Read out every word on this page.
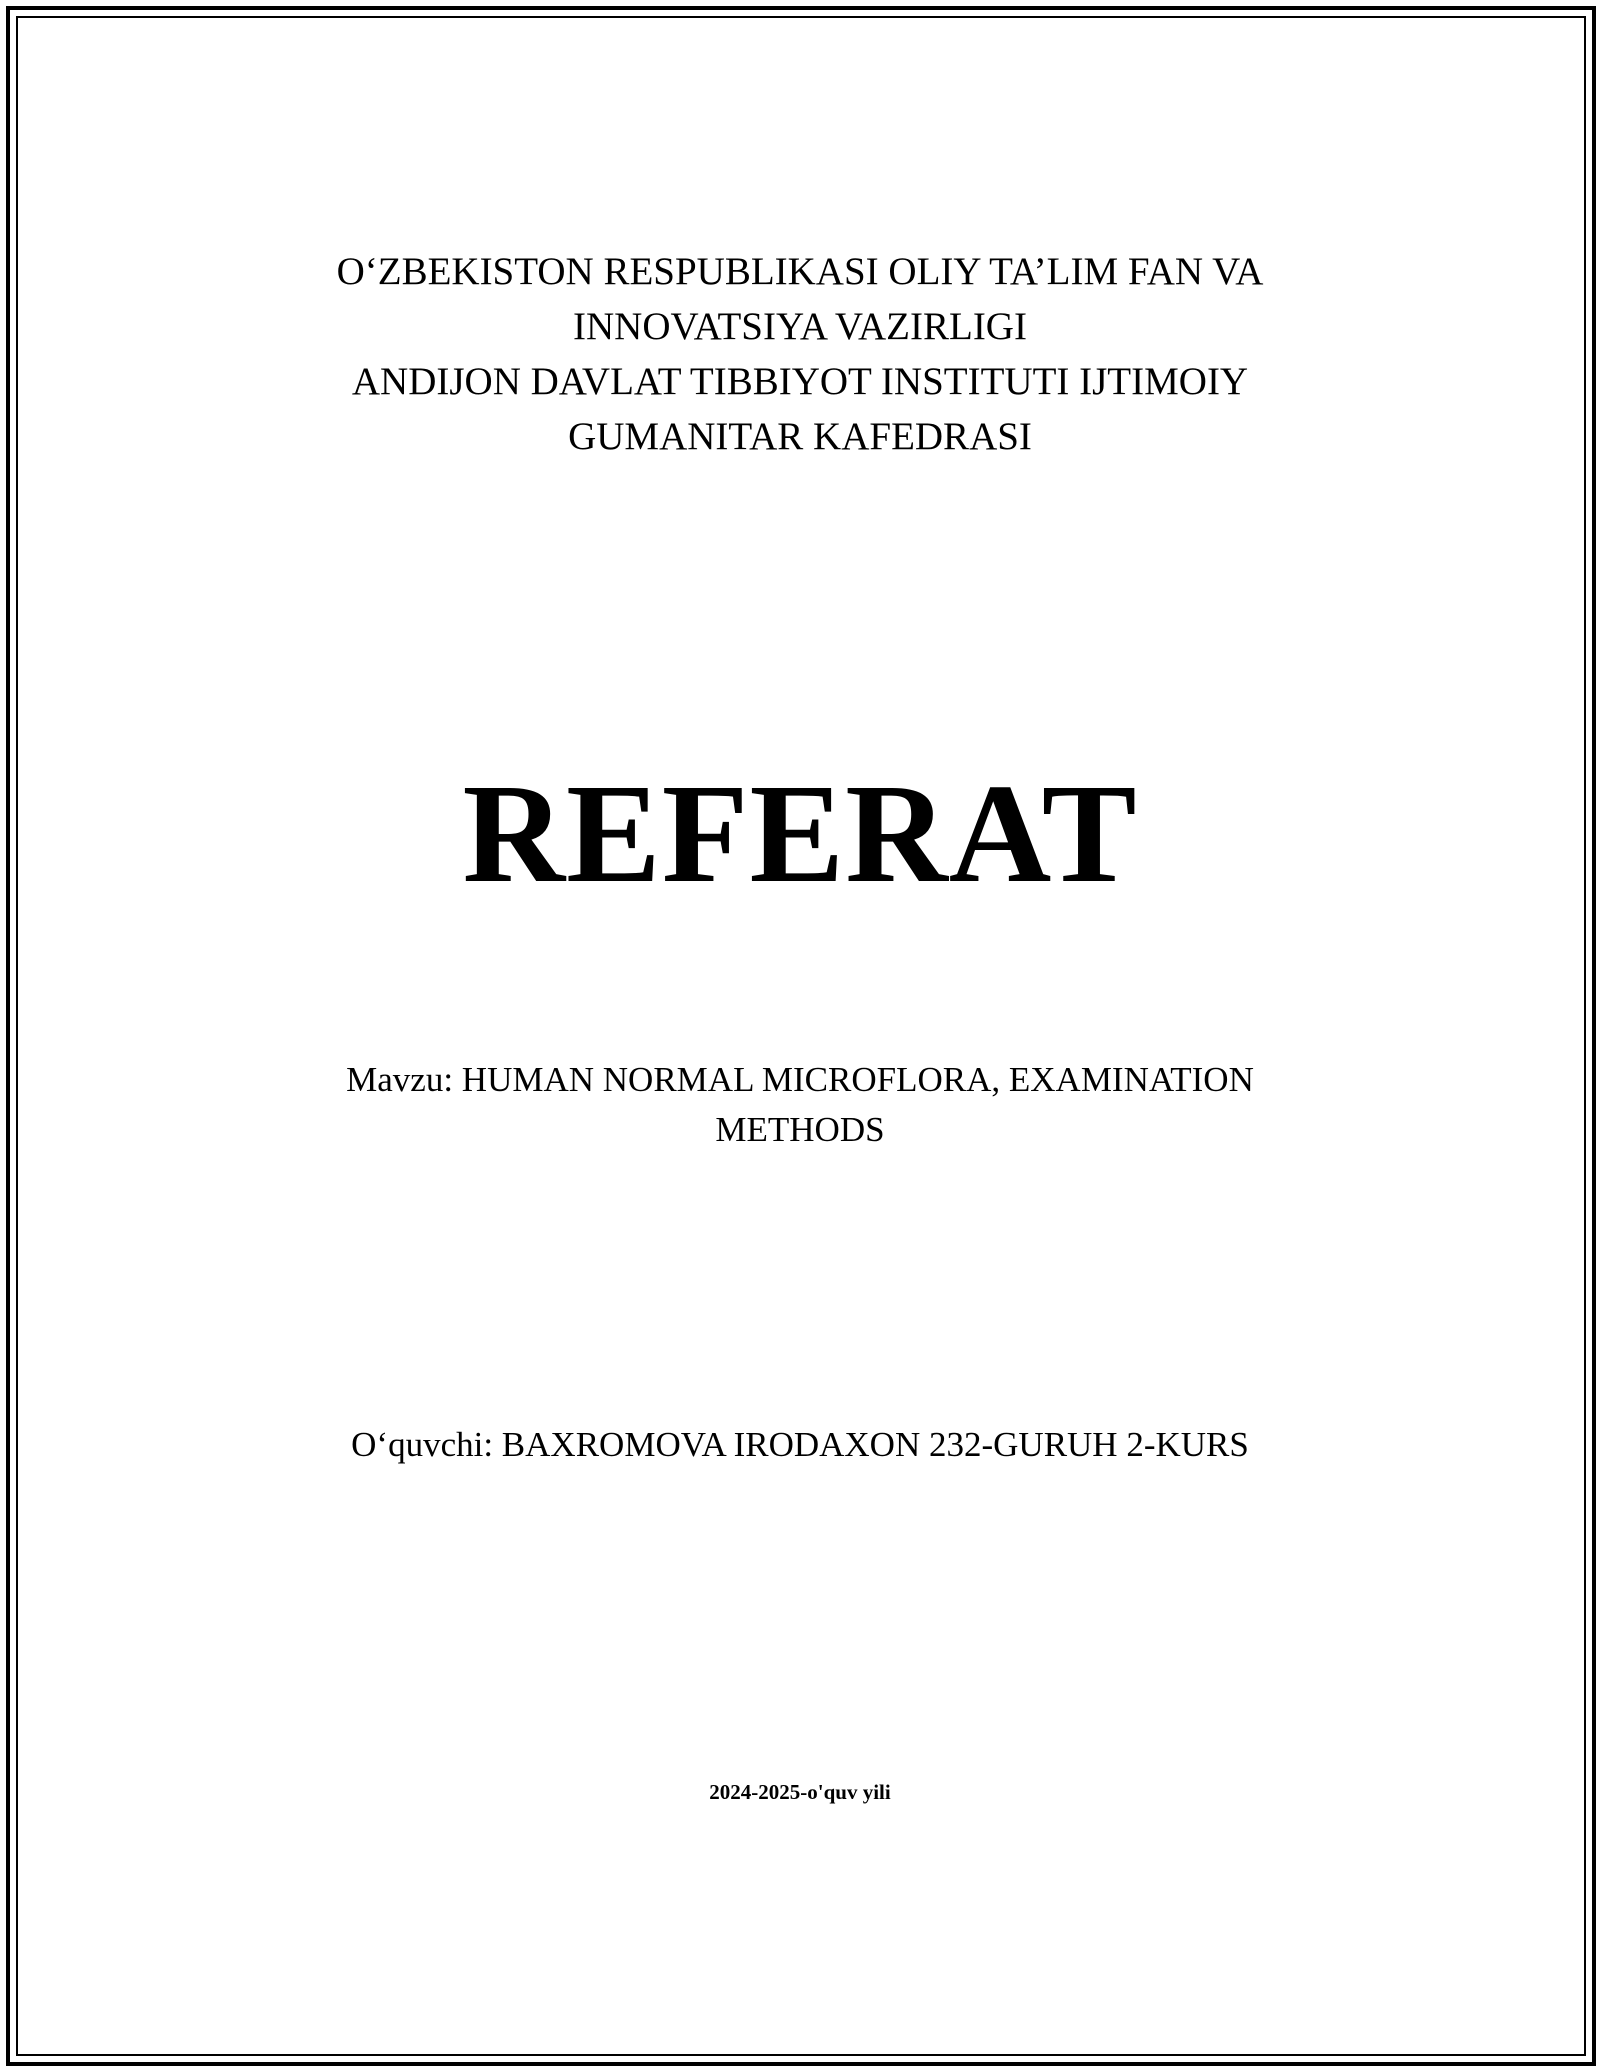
O‘ZBEKISTON RESPUBLIKASI OLIY TA’LIM FAN VA
INNOVATSIYA VAZIRLIGI
ANDIJON DAVLAT TIBBIYOT INSTITUTI IJTIMOIY
GUMANITAR KAFEDRASI
REFERAT
Mavzu: HUMAN NORMAL MICROFLORA, EXAMINATION
METHODS
O‘quvchi: BAXROMOVA IRODAXON 232-GURUH 2-KURS
2024-2025-o'quv yili
